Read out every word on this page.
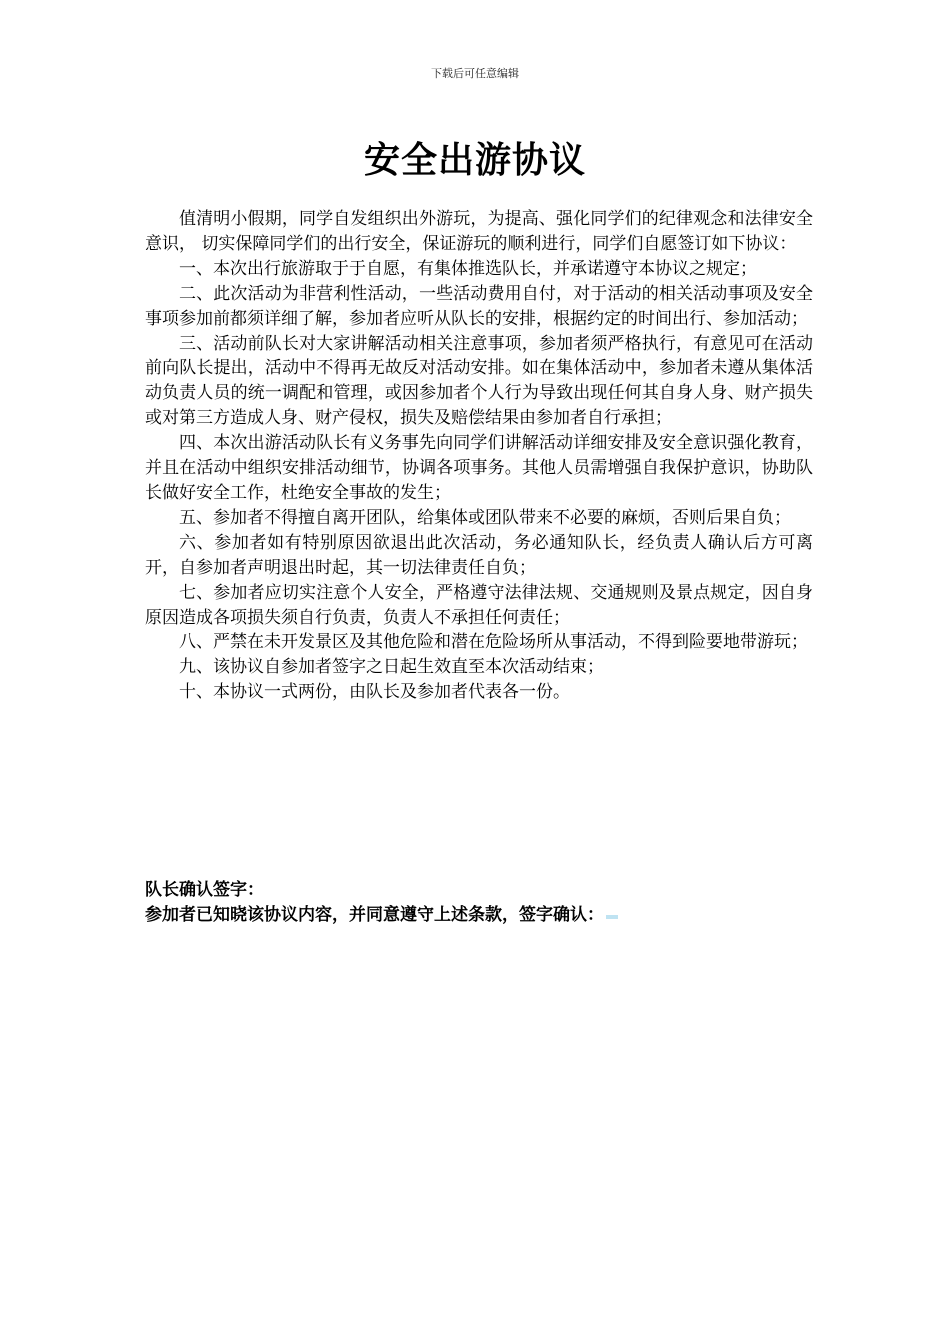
下载后可任意编辑
安全出游协议

值清明小假期，同学自发组织出外游玩，为提高、强化同学们的纪律观念和法律安全意识， 切实保障同学们的出行安全，保证游玩的顺利进行，同学们自愿签订如下协议：

一、本次出行旅游取于于自愿，有集体推选队长，并承诺遵守本协议之规定；

二、此次活动为非营利性活动，一些活动费用自付，对于活动的相关活动事项及安全事项参加前都须详细了解，参加者应听从队长的安排，根据约定的时间出行、参加活动；

三、活动前队长对大家讲解活动相关注意事项，参加者须严格执行，有意见可在活动前向队长提出，活动中不得再无故反对活动安排。如在集体活动中，参加者未遵从集体活动负责人员的统一调配和管理，或因参加者个人行为导致出现任何其自身人身、财产损失或对第三方造成人身、财产侵权，损失及赔偿结果由参加者自行承担；

四、本次出游活动队长有义务事先向同学们讲解活动详细安排及安全意识强化教育，并且在活动中组织安排活动细节，协调各项事务。其他人员需增强自我保护意识，协助队长做好安全工作，杜绝安全事故的发生；

五、参加者不得擅自离开团队，给集体或团队带来不必要的麻烦，否则后果自负；

六、参加者如有特别原因欲退出此次活动，务必通知队长，经负责人确认后方可离开，自参加者声明退出时起，其一切法律责任自负；

七、参加者应切实注意个人安全，严格遵守法律法规、交通规则及景点规定，因自身原因造成各项损失须自行负责，负责人不承担任何责任；

八、严禁在未开发景区及其他危险和潜在危险场所从事活动，不得到险要地带游玩；

九、该协议自参加者签字之日起生效直至本次活动结束；

十、本协议一式两份，由队长及参加者代表各一份。

队长确认签字：
参加者已知晓该协议内容，并同意遵守上述条款，签字确认：
